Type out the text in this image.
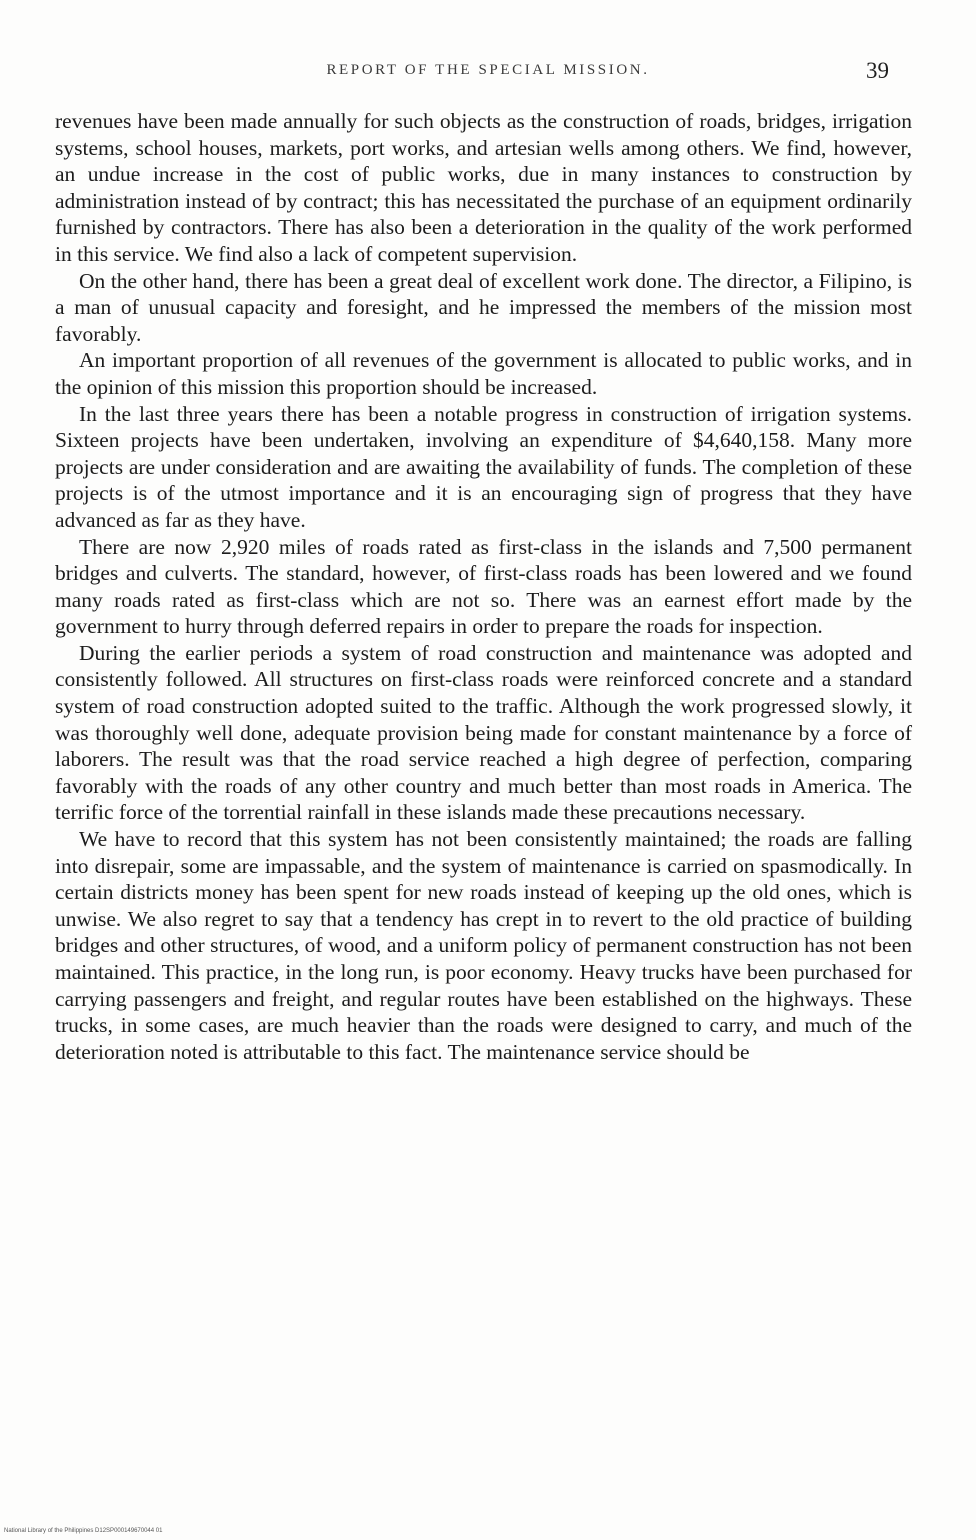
REPORT OF THE SPECIAL MISSION.	39

revenues have been made annually for such objects as the construction of roads, bridges, irrigation systems, school houses, markets, port works, and artesian wells among others. We find, however, an undue increase in the cost of public works, due in many instances to construction by administration instead of by contract; this has necessitated the purchase of an equipment ordinarily furnished by contractors. There has also been a deterioration in the quality of the work performed in this service. We find also a lack of competent supervision.

On the other hand, there has been a great deal of excellent work done. The director, a Filipino, is a man of unusual capacity and foresight, and he impressed the members of the mission most favorably.

An important proportion of all revenues of the government is allocated to public works, and in the opinion of this mission this proportion should be increased.

In the last three years there has been a notable progress in construction of irrigation systems. Sixteen projects have been undertaken, involving an expenditure of $4,640,158. Many more projects are under consideration and are awaiting the availability of funds. The completion of these projects is of the utmost importance and it is an encouraging sign of progress that they have advanced as far as they have.

There are now 2,920 miles of roads rated as first-class in the islands and 7,500 permanent bridges and culverts. The standard, however, of first-class roads has been lowered and we found many roads rated as first-class which are not so. There was an earnest effort made by the government to hurry through deferred repairs in order to prepare the roads for inspection.

During the earlier periods a system of road construction and maintenance was adopted and consistently followed. All structures on first-class roads were reinforced concrete and a standard system of road construction adopted suited to the traffic. Although the work progressed slowly, it was thoroughly well done, adequate provision being made for constant maintenance by a force of laborers. The result was that the road service reached a high degree of perfection, comparing favorably with the roads of any other country and much better than most roads in America. The terrific force of the torrential rainfall in these islands made these precautions necessary.

We have to record that this system has not been consistently maintained; the roads are falling into disrepair, some are impassable, and the system of maintenance is carried on spasmodically. In certain districts money has been spent for new roads instead of keeping up the old ones, which is unwise. We also regret to say that a tendency has crept in to revert to the old practice of building bridges and other structures, of wood, and a uniform policy of permanent construction has not been maintained. This practice, in the long run, is poor economy. Heavy trucks have been purchased for carrying passengers and freight, and regular routes have been established on the highways. These trucks, in some cases, are much heavier than the roads were designed to carry, and much of the deterioration noted is attributable to this fact. The maintenance service should be

National Library of the Philippines D12SP000149670044 01
